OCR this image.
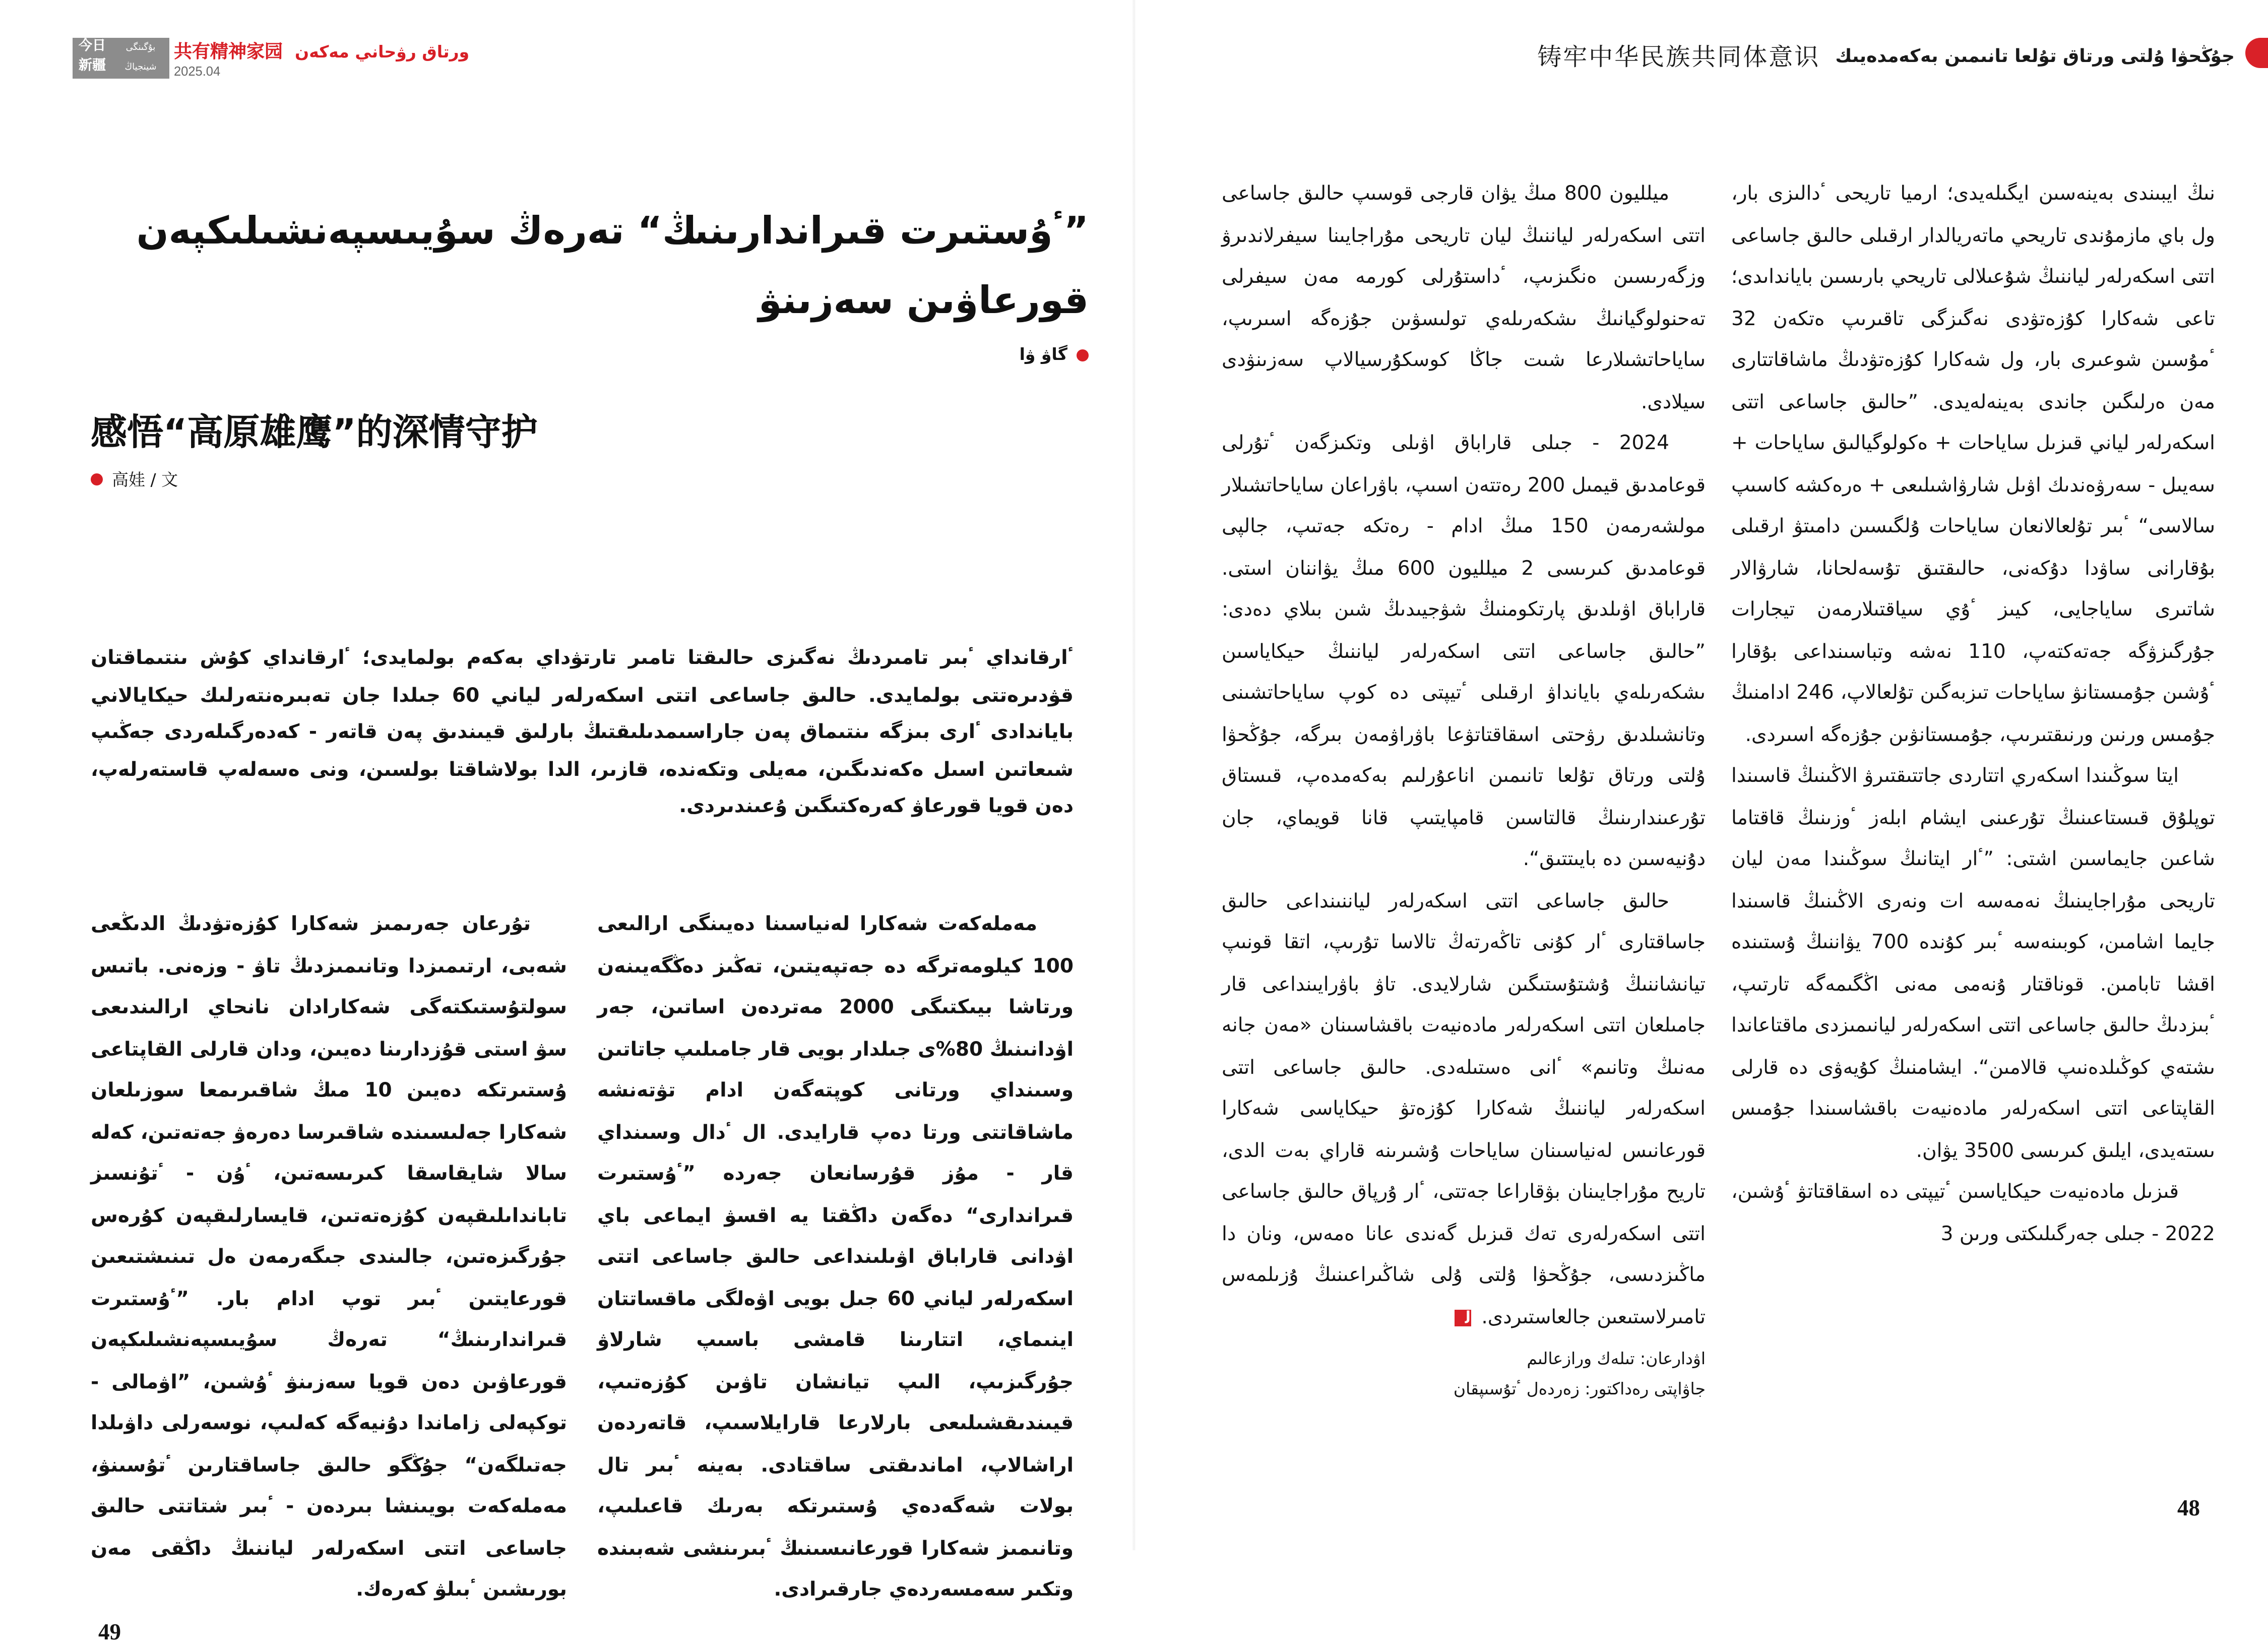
今日
新疆
بۇگىنگى
شينجياڭ
共有精神家园 ورتاق رۋحاني مەكەن
2025.04	铸牢中华民族共同体意识	جۇڭحۋا ۇلتى ورتاق تۇلعا تانىمىن بەكەمدەيىك
”ٴۇستىرت قىراندارىنىڭ“ تەرەڭ سۇيىسپەنشىلىكپەن
قورعاۋىن سەزىنۋ
گاۋ ۋا
感悟“高原雄鹰”的深情守护
高娃 / 文
ٴارقانداي ٴبىر تامىردىڭ نەگىزى حالىقتا تامىر تارتۋداي بەكەم بولمايدى؛ ٴارقانداي كۇش ىنتىماقتان قۋدىرەتتى بولمايدى. حالىق جاساعى اتتى اسكەرلەر لياني 60 جىلدا جان تەبىرەنتەرلىك حيكايالاني باياندادى ٴارى بىزگە ىنتىماق پەن جاراسىمدىلىقتىڭ بارلىق قيىندىق پەن قاتەر - كەدەرگىلەردى جەڭىپ شىعاتىن اسىل ەكەندىگىن، مەيلى وتكەندە، قازىر، الدا بولاشاقتا بولسىن، ونى ەسەلەپ قاستەرلەپ، دەن قويا قورعاۋ كەرەكتىگىن ۇعىندىردى.

تۇرعان جەرىمىز شەكارا كۇزەتۋدىڭ الدىڭعى شەبى، ارتىمىزدا وتانىمىزدىڭ تاۋ - وزەنى. باتىس سولتۇستىكتەگى شەكارادان نانحاي ارالىندىعى سۋ استى قۇزدارىنا دەيىن، ودان قارلى القاپتاعى ۇستىرتكە دەيىن 10 مىڭ شاقىرىمعا سوزىلعان شەكارا جەلىسىندە شاقىرسا دەرەۋ جەتەتىن، كەلە سالا شايقاسقا كىرىسەتىن، ٴۇن - ٴتۇنسىز تابانداىلىقپەن كۇزەتەتىن، قايسارلىقپەن كۇرەس جۇرگىزەتىن، جالىندى جىگەرمەن ەل تىنىشتىعىن قورعايتىن ٴبىر توپ ادام بار. ”ٴۇستىرت قىراندارىنىڭ“ تەرەڭ سۇيىسپەنشىلىكپەن قورعاۋىن دەن قويا سەزىنۋ ٴۇشىن، ”اۋمالى - توكپەلى زاماندا دۇنيەگە كەلىپ، نوسەرلى داۋىلدا جەتىلگەن“ جۇڭگو حالىق جاساقتارىن ٴتۇسىنۋ، مەملەكەت بويىنشا بىردەن - ٴبىر شتاتتى حالىق جاساعى اتتى اسكەرلەر لياننىڭ داڭقى مەن بورىشىن ٴبىلۋ كەرەك.

مەملەكەت شەكارا لەنياسىنا دەيىنگى ارالىعى 100 كيلومەترگە دە جەتپەيتىن، تەڭىز دەڭگەيىنەن ورتاشا بيىكتىگى 2000 مەتردەن اساتىن، جەر اۋدانىنىڭ 80%ى جىلدار بويى قار جامىلىپ جاتاتىن وسىنداي ورتانى كوپتەگەن ادام تۋتەنشە ماشاقاتتى ورتا دەپ قارايدى. ال ٴدال وسىنداي قار - مۇز قۇرسانعان جەردە ”ٴۇستىرت قىراندارى“ دەگەن داڭقتا يە اقسۋ ايماعى باي اۋدانى قاراباق اۋىلىنداعى حالىق جاساعى اتتى اسكەرلەر لياني 60 جىل بويى اۋەلگى ماقساتتان اينىماي، اتتارىنا قامشى باسىپ شارلاۋ جۇرگىزىپ، الىپ تيانشان تاۋىن كۇزەتىپ، قيىندىقشىلىعى بارلارعا قارايلاسىپ، قاتەردەن اراشالاپ، اماندىقتى ساقتادى. بەينە ٴبىر تال بولات شەگەدەي ۇستىرتكە بەرىك قاعىلىپ، وتانىمىز شەكارا قورعانىسىنىڭ ٴبىرىنشى شەبىندە وتكىر سەمسەردەي جارقىرادى.

ميلليون 800 مىڭ يۋان قارجى قوسىپ حالىق جاساعى اتتى اسكەرلەر لياننىڭ ليان تاريحى مۇراجايىنا سيفرلاندىرۋ وزگەرىسىن ەنگىزىپ، ٴداستۇرلى كورمە مەن سيفرلى تەحنولوگيانىڭ ىشكەرىلەي تولىسۋىن جۇزەگە اسىرىپ، ساياحاتشىلارعا شىت جاڭا كوسكۇرسيالاپ سەزىنۋدى سيلادى.

2024 - جىلى قاراباق اۋىلى وتكىزگەن ٴتۇرلى قوعامدىق قيمىل 200 رەتتەن اسىپ، باۋراعان ساياحاتشىلار مولشەرمەن 150 مىڭ ادام - رەتكە جەتىپ، جالپى قوعامدىق كىرىسى 2 ميلليون 600 مىڭ يۋاننان استى. قاراباق اۋىلدىق پارتكومنىڭ شۋجيىدىڭ شىن بىلاي دەدى: ”حالىق جاساعى اتتى اسكەرلەر لياننىڭ حيكاياسىن ىشكەرىلەي بايانداۋ ارقىلى ٴتيپتى دە كوپ ساياحاتشىنى وتانشىلدىق رۋحتى اسقاقتاتۋعا باۋراۋمەن بىرگە، جۇڭحۋا ۇلتى ورتاق تۇلعا تانىمىن اناعۇرلىم بەكەمدەپ، قىستاق تۇرعىندارىنىڭ قالتاسىن قامپايتىپ قانا قويماي، جان دۇنيەسىن دە بايىتتىق“.

حالىق جاساعى اتتى اسكەرلەر لياننىنداعى حالىق جاساقتارى ٴار كۇنى تاڭەرتەڭ تالاسا تۇرىپ، اتقا قونىپ تيانشاننىڭ ۇشتۇستىگىن شارلايدى. تاۋ باۋرايىنداعى قار جامىلعان اتتى اسكەرلەر مادەنيەت باقشاسىنان «مەن جانە مەنىڭ وتانىم» ٴانى ەستىلەدى. حالىق جاساعى اتتى اسكەرلەر لياننىڭ شەكارا كۇزەتۋ حيكاياسى شەكارا قورعانىس لەنياسىنان ساياحات ۇشىرىنە قاراي بەت الدى، تاريح مۇراجايىنان بۋقاراعا جەتتى، ٴار ۇرپاق حالىق جاساعى اتتى اسكەرلەرى تەك قىزىل گەندى عانا ەمەس، ونان دا ماڭىزدىسى، جۇڭحۋا ۇلتى ۇلى شاڭىراعىنىڭ ۇزىلمەس تامىرلاستىعىن جالعاستىردى. J

اۋدارعان: تىلەك ورازعالىم
جاۋاپتى رەداكتور: زەردەل ٴتۇسىپقان

نىڭ ايبىندى بەينەسىن ايگىلەيدى؛ ارميا تاريحى ٴدالىزى بار، ول باي مازمۇندى تاريحي ماتەريالدار ارقىلى حالىق جاساعى اتتى اسكەرلەر لياننىڭ شۇعىلالى تاريحي بارىسىن بايانداىدى؛ تاعى شەكارا كۇزەتۋدى نەگىزگى تاقىرىپ ەتكەن 32 ٴمۇسىن شوعىرى بار، ول شەكارا كۇزەتۋدىڭ ماشاقاتتارى مەن ەرلىگىن جاندى بەينەلەيدى. ”حالىق جاساعى اتتى اسكەرلەر لياني قىزىل ساياحات + ەكولوگيالىق ساياحات + سەيىل - سەرۋەندىك اۋىل شارۋاشىلىعى + ەرەكشە كاسىپ سالاسى“ ٴبىر تۇلعالانعان ساياحات ۇلگىسىن دامىتۋ ارقىلى بۇقارانى ساۋدا دۇكەنى، حالىقتىق تۇسەلحانا، شارۋالار شاتىرى ساياجايى، كيىز ٴۇي سياقتىلارمەن تيجارات جۇرگىزۋگە جەتەكتەپ، 110 نەشە وتباسىنداعى بۇقارا ٴۇشىن جۇمىستانۋ ساياحات تىزبەگىن تۇلعالاپ، 246 ادامنىڭ جۇمىس ورنىن ورنىقتىرىپ، جۇمىستانۋىن جۇزەگە اسىردى.

ايتا سوڭىندا اسكەري اتتاردى جاتتىقتىرۋ الاڭىنىڭ قاسىندا توپلۇق قىستاعىنىڭ تۇرعىنى ايشام ابلەز ٴوزىنىڭ قاقتاما شاعىن جايماسىن اشتى: ”ٴار ايتانىڭ سوڭىندا مەن ليان تاريحى مۇراجايىنىڭ نەمەسە ات ونەرى الاڭىنىڭ قاسىندا جايما اشامىن، كوبىنەسە ٴبىر كۇندە 700 يۋاننىڭ ۇستىندە اقشا تابامىن. قوناقتار ۇنەمى مەنى اڭگىمەگە تارتىپ، ٴبىزدىڭ حالىق جاساعى اتتى اسكەرلەر ليانىمىزدى ماقتاعاندا ىشتەي كوڭىلدەنىپ قالامىن“. ايشامنىڭ كۇيەۋى دە قارلى القاپتاعى اتتى اسكەرلەر مادەنيەت باقشاسىندا جۇمىس ىستەيدى، ايلىق كىرىسى 3500 يۋان.

قىزىل مادەنيەت حيكاياسىن ٴتيپتى دە اسقاقتاتۋ ٴۇشىن، 2022 - جىلى جەرگىلىكتى ورىن 3

49
48
